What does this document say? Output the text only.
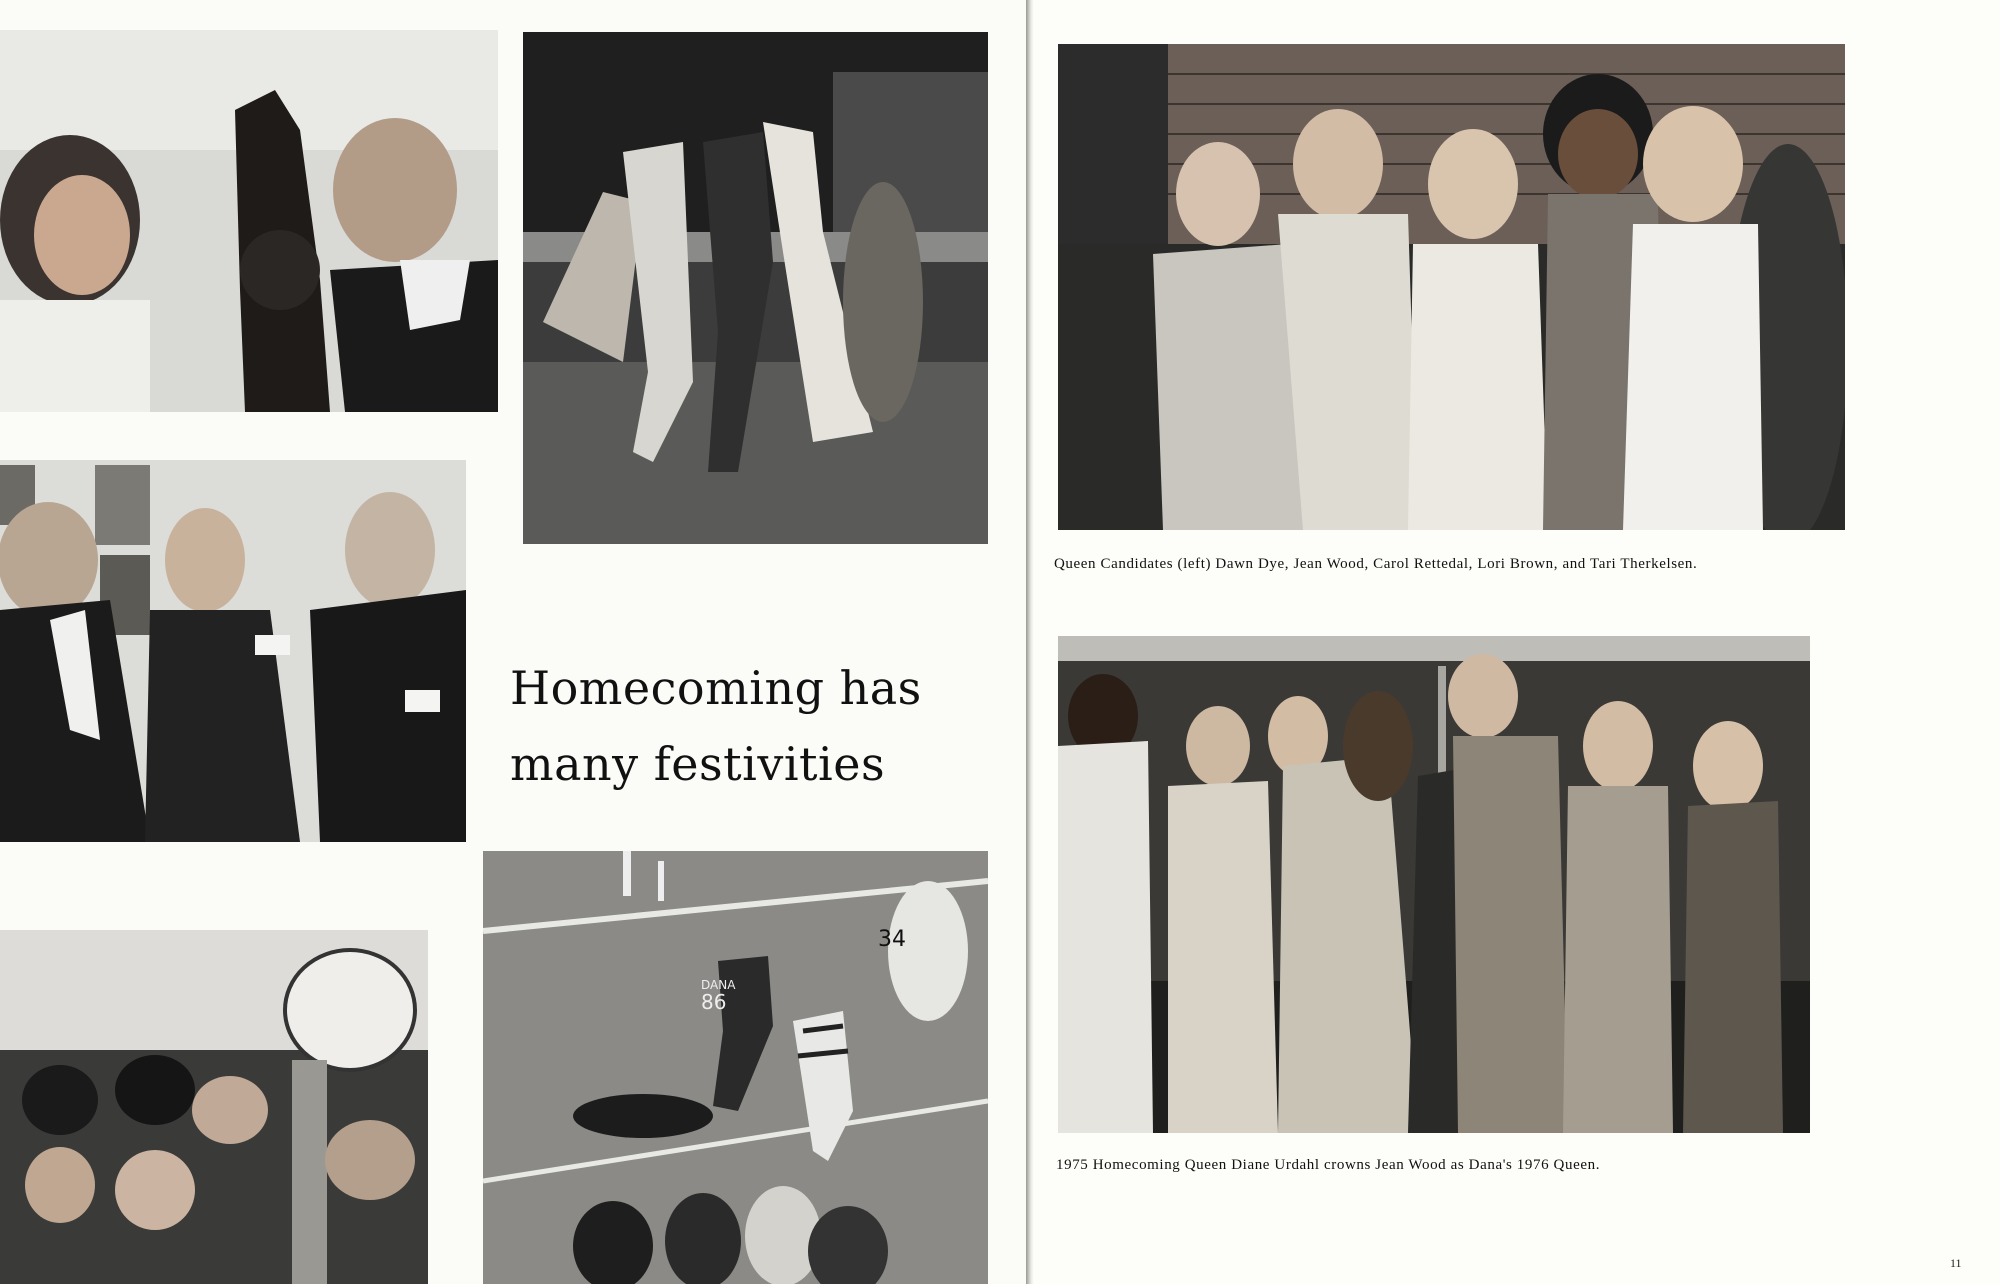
Homecoming has
many festivities
34
DANA
86
Queen Candidates (left) Dawn Dye, Jean Wood, Carol Rettedal, Lori Brown, and Tari Therkelsen.
1975 Homecoming Queen Diane Urdahl crowns Jean Wood as Dana's 1976 Queen.
11
